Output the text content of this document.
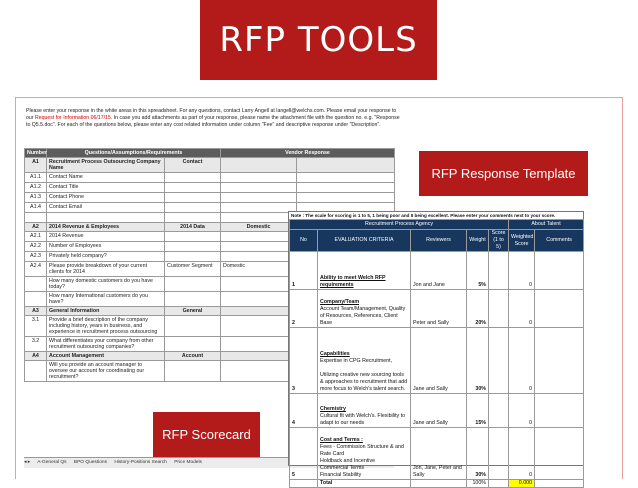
RFP TOOLS
Please enter your response in the white areas in this spreadsheet. For any questions, contact Larry Angell at langell@welchs.com. Please email your response to our Request for Information 06/17/15. In case you add attachments as part of your response, please name the attachment file with the question no. e.g. "Response to Q5.5.doc". For each of the questions below, please enter any cost related information under column "Fee" and descriptive response under "Description".
Number	Questions/Assumptions/Requirements		Vendor Response	
A1	Recruitment Process Outsourcing Company Name	Contact		
A1.1	Contact Name			
A1.2	Contact Title			
A1.3	Contact Phone			
A1.4	Contact Email			

A2	2014 Revenue & Employees	2014 Data	Domestic	
A2.1	2014 Revenue			
A2.2	Number of Employees			
A2.3	Privately held company?			
A2.4	Please provide breakdown of your current clients for 2014	Customer Segment	Domestic	
	How many domestic customers do you have today?			
	How many International customers do you have?			
A3	General Information	General		
3.1	Provide a brief description of the company including history, years in business, and experience in recruitment process outsourcing			
3.2	What differentiates your company from other recruitment outsourcing companies?			
A4	Account Management	Account		
	Will you provide an account manager to oversee our account for coordinating our recruitment?			
◂ ▸ A-General Qs BPO Questions History-Positions Search Price Models
RFP Response Template
Note : The scale for scoring is 1 to 5, 1 being poor and 5 being excellent. Please enter your comments next to your score.
Recruitment Process Agency					About Talent	
No	EVALUATION CRITERIA	Reviewers	Weight	Score (1 to 5)	Weighted Score	Comments
1	Ability to meet Welch RFP requirements	Jon and Jane	5%		0	
2	Company/Team
Account Team/Management, Quality of Resources, References, Client Base	Peter and Sally	20%		0	
3	Capabilities
Expertise in CPG Recruitment,

Utilizing creative new sourcing tools & approaches to recruitment that add more focus to Welch's talent search.	Jane and Sally	30%		0	
4	Chemistry
Cultural fit with Welch's. Flexibility to adapt to our needs	Jane and Sally	15%		0	
5	Cost and Terms :
Fees - Commission Structure & and Rate Card
Holdback and Incentive
Commercial Terms
Financial Stability	Jon, Jane, Peter and Sally	30%		0	
	Total		100%		0.000	
RFP Scorecard
